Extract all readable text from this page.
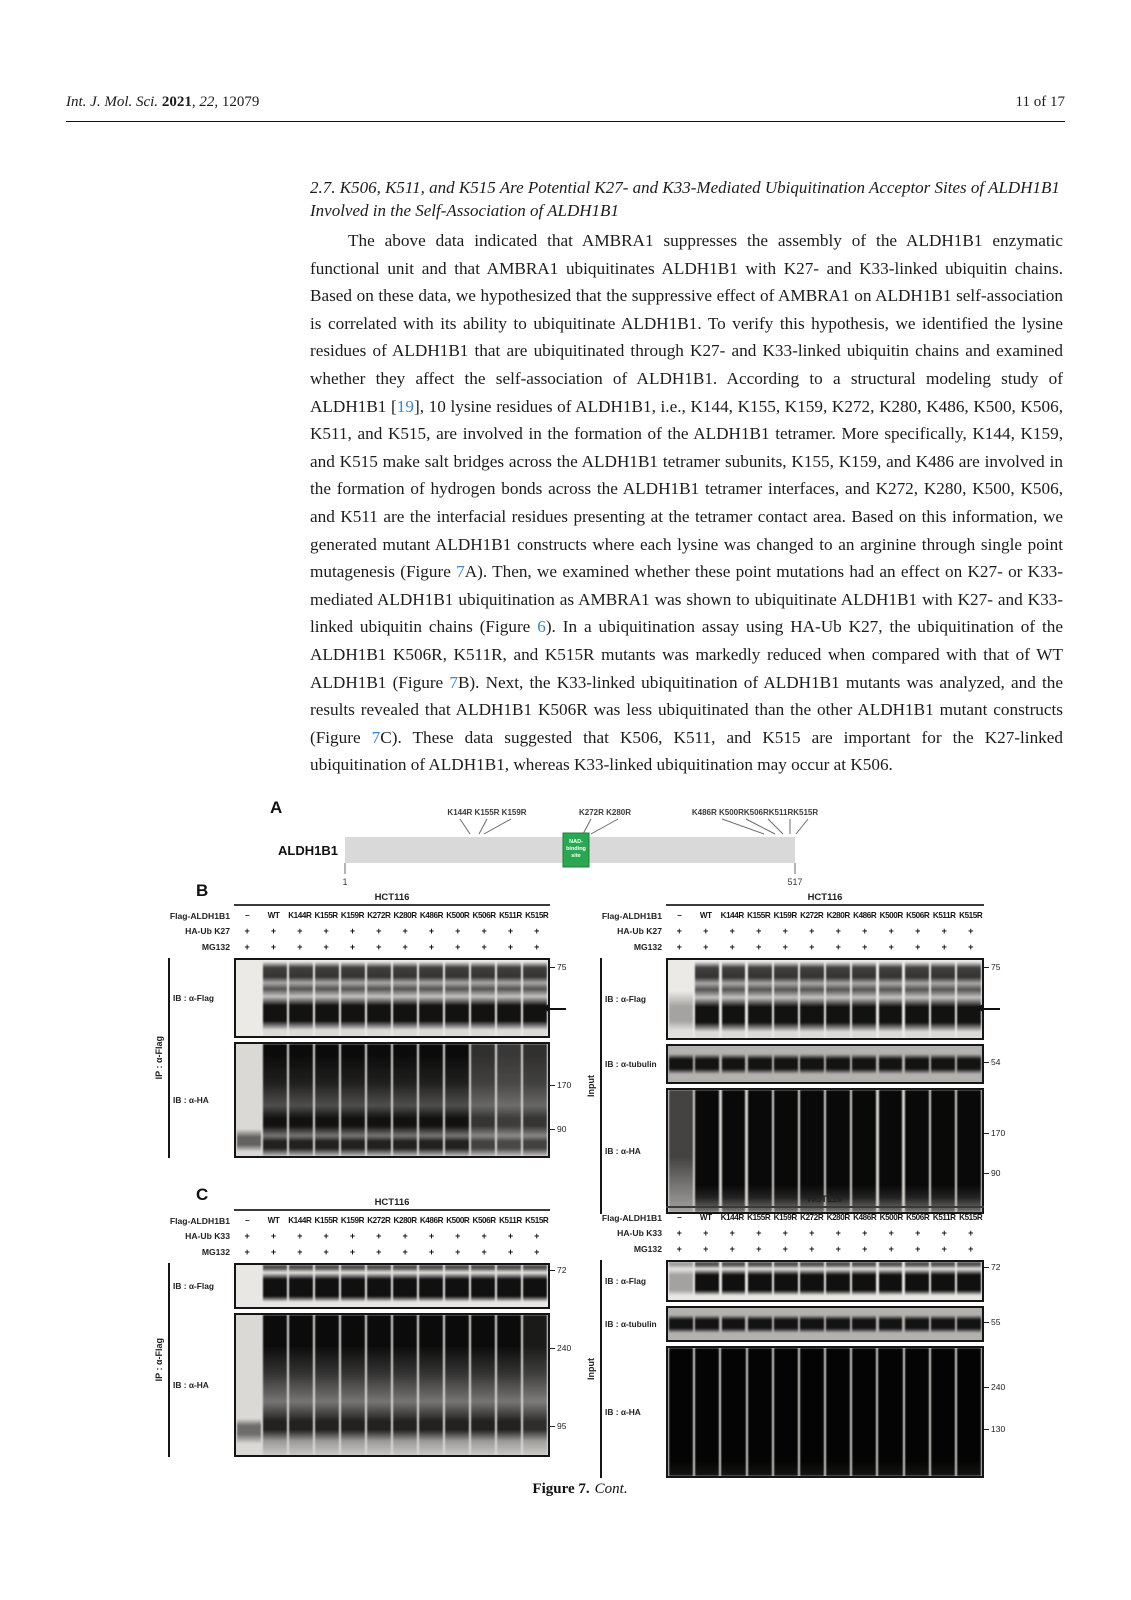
Int. J. Mol. Sci. 2021, 22, 12079	11 of 17
2.7. K506, K511, and K515 Are Potential K27- and K33-Mediated Ubiquitination Acceptor Sites of ALDH1B1 Involved in the Self-Association of ALDH1B1
The above data indicated that AMBRA1 suppresses the assembly of the ALDH1B1 enzymatic functional unit and that AMBRA1 ubiquitinates ALDH1B1 with K27- and K33-linked ubiquitin chains. Based on these data, we hypothesized that the suppressive effect of AMBRA1 on ALDH1B1 self-association is correlated with its ability to ubiquitinate ALDH1B1. To verify this hypothesis, we identified the lysine residues of ALDH1B1 that are ubiquitinated through K27- and K33-linked ubiquitin chains and examined whether they affect the self-association of ALDH1B1. According to a structural modeling study of ALDH1B1 [19], 10 lysine residues of ALDH1B1, i.e., K144, K155, K159, K272, K280, K486, K500, K506, K511, and K515, are involved in the formation of the ALDH1B1 tetramer. More specifically, K144, K159, and K515 make salt bridges across the ALDH1B1 tetramer subunits, K155, K159, and K486 are involved in the formation of hydrogen bonds across the ALDH1B1 tetramer interfaces, and K272, K280, K500, K506, and K511 are the interfacial residues presenting at the tetramer contact area. Based on this information, we generated mutant ALDH1B1 constructs where each lysine was changed to an arginine through single point mutagenesis (Figure 7A). Then, we examined whether these point mutations had an effect on K27- or K33-mediated ALDH1B1 ubiquitination as AMBRA1 was shown to ubiquitinate ALDH1B1 with K27- and K33-linked ubiquitin chains (Figure 6). In a ubiquitination assay using HA-Ub K27, the ubiquitination of the ALDH1B1 K506R, K511R, and K515R mutants was markedly reduced when compared with that of WT ALDH1B1 (Figure 7B). Next, the K33-linked ubiquitination of ALDH1B1 mutants was analyzed, and the results revealed that ALDH1B1 K506R was less ubiquitinated than the other ALDH1B1 mutant constructs (Figure 7C). These data suggested that K506, K511, and K515 are important for the K27-linked ubiquitination of ALDH1B1, whereas K33-linked ubiquitination may occur at K506.
A
B
C
ALDH1B1
NAD-
binding
site
K144R K155R K159R	K272R K280R	K486R K500RK506RK511RK515R
1	517
HCT116
Flag-ALDH1B1	–	WT	K144R K155R K159R K272R K280R K486R K500R K506R K511R K515R
HA-Ub K27	+	+	+	+	+	+	+	+	+	+	+	+
MG132	+	+	+	+	+	+	+	+	+	+	+	+
IP : α-Flag
IB : α-Flag
75
IB : α-HA
170
90
HCT116
Flag-ALDH1B1	–	WT	K144R K155R K159R K272R K280R K486R K500R K506R K511R K515R
HA-Ub K27	+	+	+	+	+	+	+	+	+	+	+	+
MG132	+	+	+	+	+	+	+	+	+	+	+	+
Input
IB : α-Flag
75
IB : α-tubulin	54
IB : α-HA
170
90
HCT116
Flag-ALDH1B1	–	WT	K144R K155R K159R K272R K280R K486R K500R K506R K511R K515R
HA-Ub K33	+	+	+	+	+	+	+	+	+	+	+	+
MG132	+	+	+	+	+	+	+	+	+	+	+	+
IP : α-Flag
IB : α-Flag
72
IB : α-HA
240
95
HCT116
Flag-ALDH1B1	–	WT	K144R K155R K159R K272R K280R K486R K500R K506R K511R K515R
HA-Ub K33	+	+	+	+	+	+	+	+	+	+	+	+
MG132	+	+	+	+	+	+	+	+	+	+	+	+
Input
IB : α-Flag
72
IB : α-tubulin	55
IB : α-HA
240
130
Figure 7. Cont.
